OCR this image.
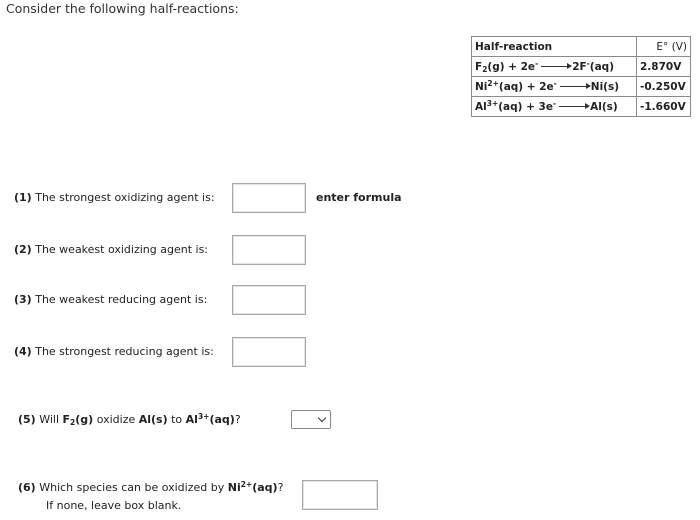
Consider the following half-reactions:
Half-reaction	E° (V)
$F_2(g) + 2e^-$ 2F-(aq)	2.870V
$Ni^{2+}(aq) + 2e^-$ Ni(s)	-0.250V
$Al^{3+}(aq) + 3e^-$ Al(s)	-1.660V
(1) The strongest oxidizing agent is:	enter formula
(2) The weakest oxidizing agent is:
(3) The weakest reducing agent is:
(4) The strongest reducing agent is:
(5) Will $F_2(g)$ oxidize Al(s) to $Al^{3+}(aq)$?
(6) Which species can be oxidized by $Ni^{2+}(aq)$?
If none, leave box blank.
